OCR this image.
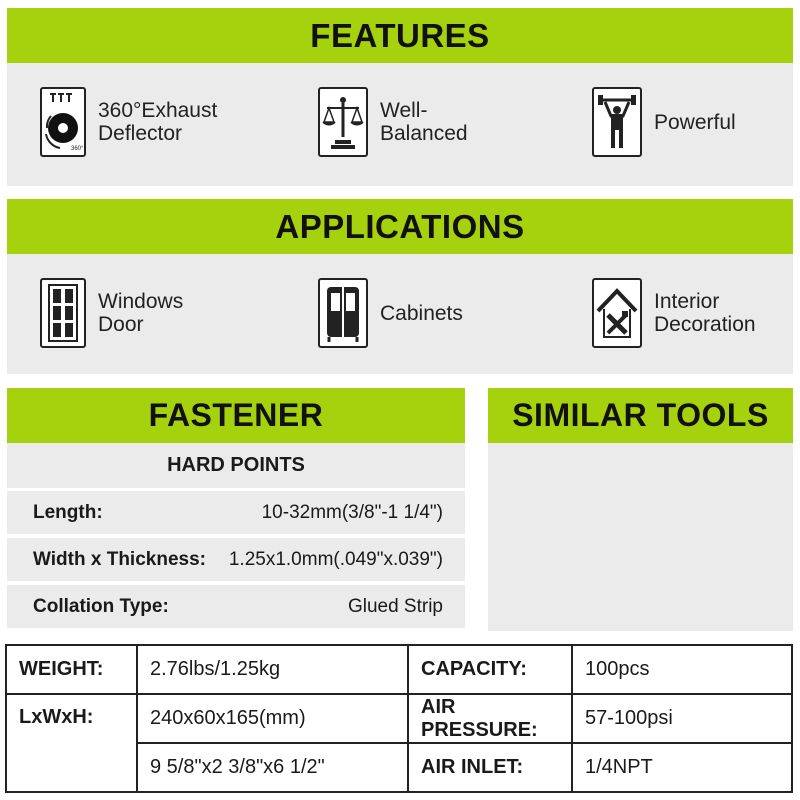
FEATURES
360°
360°Exhaust
Deflector
Well-
Balanced	Powerful
APPLICATIONS
Windows
Door	Cabinets	Interior
Decoration
FASTENER
HARD POINTS
Length:	10-32mm(3/8"-1 1/4")
Width x Thickness: 1.25x1.0mm(.049"x.039")
Collation Type:	Glued Strip
SIMILAR TOOLS
WEIGHT:	2.76lbs/1.25kg	CAPACITY:	100pcs
LxWxH:	240x60x165(mm)	AIR PRESSURE:	57-100psi
	9 5/8"x2 3/8"x6 1/2"	AIR INLET:	1/4NPT
